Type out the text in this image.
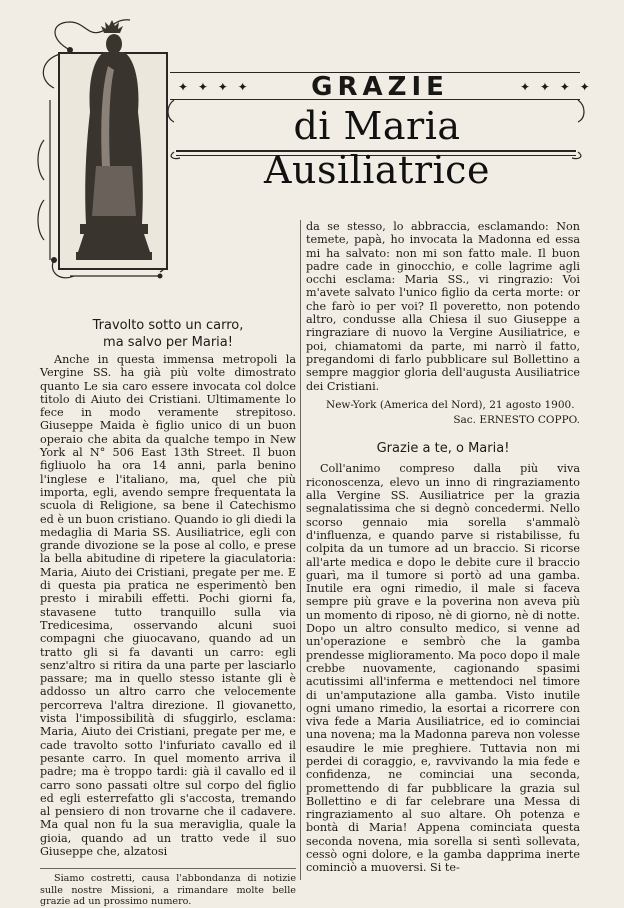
✦ ✦ ✦ ✦	✦ ✦ ✦ ✦
GRAZIE
di Maria Ausiliatrice
Travolto sotto un carro,
ma salvo per Maria!

Anche in questa immensa metropoli la Vergine SS. ha già più volte dimostrato quanto Le sia caro essere invocata col dolce titolo di Aiuto dei Cristiani. Ultimamente lo fece in modo veramente strepitoso. Giuseppe Maida è figlio unico di un buon operaio che abita da qualche tempo in New York al N° 506 East 13th Street. Il buon figliuolo ha ora 14 anni, parla benino l'inglese e l'italiano, ma, quel che più importa, egli, avendo sempre frequentata la scuola di Religione, sa bene il Catechismo ed è un buon cristiano. Quando io gli diedi la medaglia di Maria SS. Ausiliatrice, egli con grande divozione se la pose al collo, e prese la bella abitudine di ripetere la giaculatoria: Maria, Aiuto dei Cristiani, pregate per me. E di questa pia pratica ne esperimentò ben presto i mirabili effetti. Pochi giorni fa, stavasene tutto tranquillo sulla via Tredicesima, osservando alcuni suoi compagni che giuocavano, quando ad un tratto gli si fa davanti un carro: egli senz'altro si ritira da una parte per lasciarlo passare; ma in quello stesso istante gli è addosso un altro carro che velocemente percorreva l'altra direzione. Il giovanetto, vista l'impossibilità di sfuggirlo, esclama: Maria, Aiuto dei Cristiani, pregate per me, e cade travolto sotto l'infuriato cavallo ed il pesante carro. In quel momento arriva il padre; ma è troppo tardi: già il cavallo ed il carro sono passati oltre sul corpo del figlio ed egli esterrefatto gli s'accosta, tremando al pensiero di non trovarne che il cadavere. Ma qual non fu la sua meraviglia, quale la gioia, quando ad un tratto vede il suo Giuseppe che, alzatosi

Siamo costretti, causa l'abbondanza di notizie sulle nostre Missioni, a rimandare molte belle grazie ad un prossimo numero.

da se stesso, lo abbraccia, esclamando: Non temete, papà, ho invocata la Madonna ed essa mi ha salvato: non mi son fatto male. Il buon padre cade in ginocchio, e colle lagrime agli occhi esclama: Maria SS., vi ringrazio: Voi m'avete salvato l'unico figlio da certa morte: or che farò io per voi? Il poveretto, non potendo altro, condusse alla Chiesa il suo Giuseppe a ringraziare di nuovo la Vergine Ausiliatrice, e poi, chiamatomi da parte, mi narrò il fatto, pregandomi di farlo pubblicare sul Bollettino a sempre maggior gloria dell'augusta Ausiliatrice dei Cristiani.

New-York (America del Nord), 21 agosto 1900.
Sac. ERNESTO COPPO.
Grazie a te, o Maria!

Coll'animo compreso dalla più viva riconoscenza, elevo un inno di ringraziamento alla Vergine SS. Ausiliatrice per la grazia segnalatissima che si degnò concedermi. Nello scorso gennaio mia sorella s'ammalò d'influenza, e quando parve si ristabilisse, fu colpita da un tumore ad un braccio. Si ricorse all'arte medica e dopo le debite cure il braccio guarì, ma il tumore si portò ad una gamba. Inutile era ogni rimedio, il male si faceva sempre più grave e la poverina non aveva più un momento di riposo, nè di giorno, nè di notte. Dopo un altro consulto medico, si venne ad un'operazione e sembrò che la gamba prendesse miglioramento. Ma poco dopo il male crebbe nuovamente, cagionando spasimi acutissimi all'inferma e mettendoci nel timore di un'amputazione alla gamba. Visto inutile ogni umano rimedio, la esortai a ricorrere con viva fede a Maria Ausiliatrice, ed io cominciai una novena; ma la Madonna pareva non volesse esaudire le mie preghiere. Tuttavia non mi perdei di coraggio, e, ravvivando la mia fede e confidenza, ne cominciai una seconda, promettendo di far pubblicare la grazia sul Bollettino e di far celebrare una Messa di ringraziamento al suo altare. Oh potenza e bontà di Maria! Appena cominciata questa seconda novena, mia sorella si sentì sollevata, cessò ogni dolore, e la gamba dapprima inerte cominciò a muoversi. Si te-
